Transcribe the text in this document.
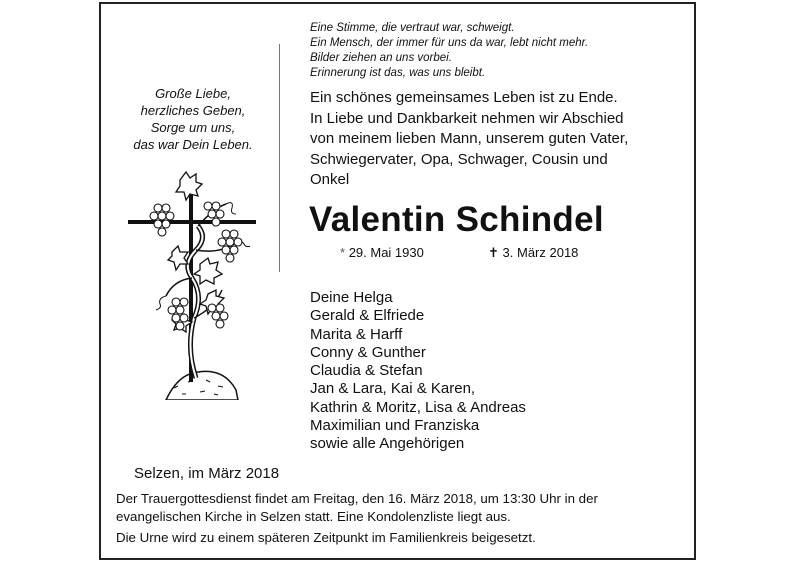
Eine Stimme, die vertraut war, schweigt.
Ein Mensch, der immer für uns da war, lebt nicht mehr.
Bilder ziehen an uns vorbei.
Erinnerung ist das, was uns bleibt.
Große Liebe,
herzliches Geben,
Sorge um uns,
das war Dein Leben.
Ein schönes gemeinsames Leben ist zu Ende.
In Liebe und Dankbarkeit nehmen wir Abschied
von meinem lieben Mann, unserem guten Vater,
Schwiegervater, Opa, Schwager, Cousin und
Onkel
Valentin Schindel
* 29. Mai 1930	✝ 3. März 2018
Deine Helga
Gerald & Elfriede
Marita & Harff
Conny & Gunther
Claudia & Stefan
Jan & Lara, Kai & Karen,
Kathrin & Moritz, Lisa & Andreas
Maximilian und Franziska
sowie alle Angehörigen
Selzen, im März 2018
Der Trauergottesdienst findet am Freitag, den 16. März 2018, um 13:30 Uhr in der evangelischen Kirche in Selzen statt. Eine Kondolenzliste liegt aus.
Die Urne wird zu einem späteren Zeitpunkt im Familienkreis beigesetzt.
